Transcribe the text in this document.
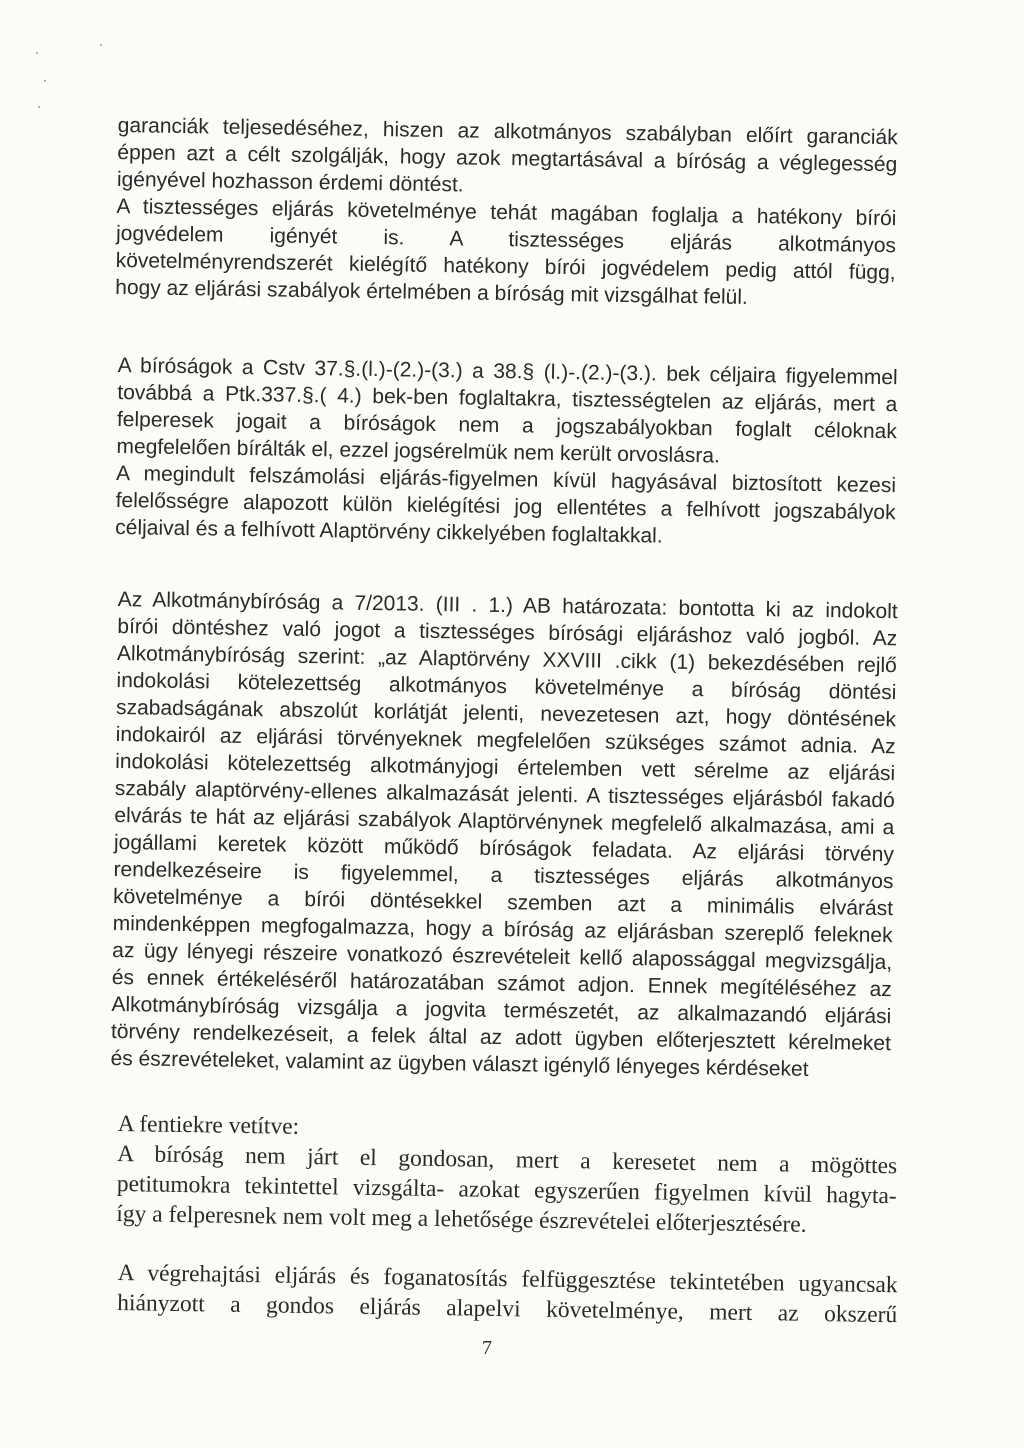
garanciák teljesedéséhez, hiszen az alkotmányos szabályban előírt garanciák
éppen azt a célt szolgálják, hogy azok megtartásával a bíróság a véglegesség
igényével hozhasson érdemi döntést.
A tisztességes eljárás követelménye tehát magában foglalja a hatékony bírói
jogvédelem igényét is. A tisztességes eljárás alkotmányos
követelményrendszerét kielégítő hatékony bírói jogvédelem pedig attól függ,
hogy az eljárási szabályok értelmében a bíróság mit vizsgálhat felül.
A bíróságok a Cstv 37.§.(l.)-(2.)-(3.) a 38.§ (l.)-.(2.)-(3.). bek céljaira figyelemmel
továbbá a Ptk.337.§.( 4.) bek-ben foglaltakra, tisztességtelen az eljárás, mert a
felperesek jogait a bíróságok nem a jogszabályokban foglalt céloknak
megfelelően bírálták el, ezzel jogsérelmük nem került orvoslásra.
A megindult felszámolási eljárás-figyelmen kívül hagyásával biztosított kezesi
felelősségre alapozott külön kielégítési jog ellentétes a felhívott jogszabályok
céljaival és a felhívott Alaptörvény cikkelyében foglaltakkal.
Az Alkotmánybíróság a 7/2013. (III . 1.) AB határozata: bontotta ki az indokolt
bírói döntéshez való jogot a tisztességes bírósági eljáráshoz való jogból. Az
Alkotmánybíróság szerint: „az Alaptörvény XXVIII .cikk (1) bekezdésében rejlő
indokolási kötelezettség alkotmányos követelménye a bíróság döntési
szabadságának abszolút korlátját jelenti, nevezetesen azt, hogy döntésének
indokairól az eljárási törvényeknek megfelelően szükséges számot adnia. Az
indokolási kötelezettség alkotmányjogi értelemben vett sérelme az eljárási
szabály alaptörvény-ellenes alkalmazását jelenti. A tisztességes eljárásból fakadó
elvárás te hát az eljárási szabályok Alaptörvénynek megfelelő alkalmazása, ami a
jogállami keretek között működő bíróságok feladata. Az eljárási törvény
rendelkezéseire is figyelemmel, a tisztességes eljárás alkotmányos
követelménye a bírói döntésekkel szemben azt a minimális elvárást
mindenképpen megfogalmazza, hogy a bíróság az eljárásban szereplő feleknek
az ügy lényegi részeire vonatkozó észrevételeit kellő alapossággal megvizsgálja,
és ennek értékeléséről határozatában számot adjon. Ennek megítéléséhez az
Alkotmánybíróság vizsgálja a jogvita természetét, az alkalmazandó eljárási
törvény rendelkezéseit, a felek által az adott ügyben előterjesztett kérelmeket
és észrevételeket, valamint az ügyben választ igénylő lényeges kérdéseket
A fentiekre vetítve:
A bíróság nem járt el gondosan, mert a keresetet nem a mögöttes
petitumokra tekintettel vizsgálta- azokat egyszerűen figyelmen kívül hagyta-
így a felperesnek nem volt meg a lehetősége észrevételei előterjesztésére.
A végrehajtási eljárás és foganatosítás felfüggesztése tekintetében ugyancsak
hiányzott a gondos eljárás alapelvi követelménye, mert az okszerű
7
